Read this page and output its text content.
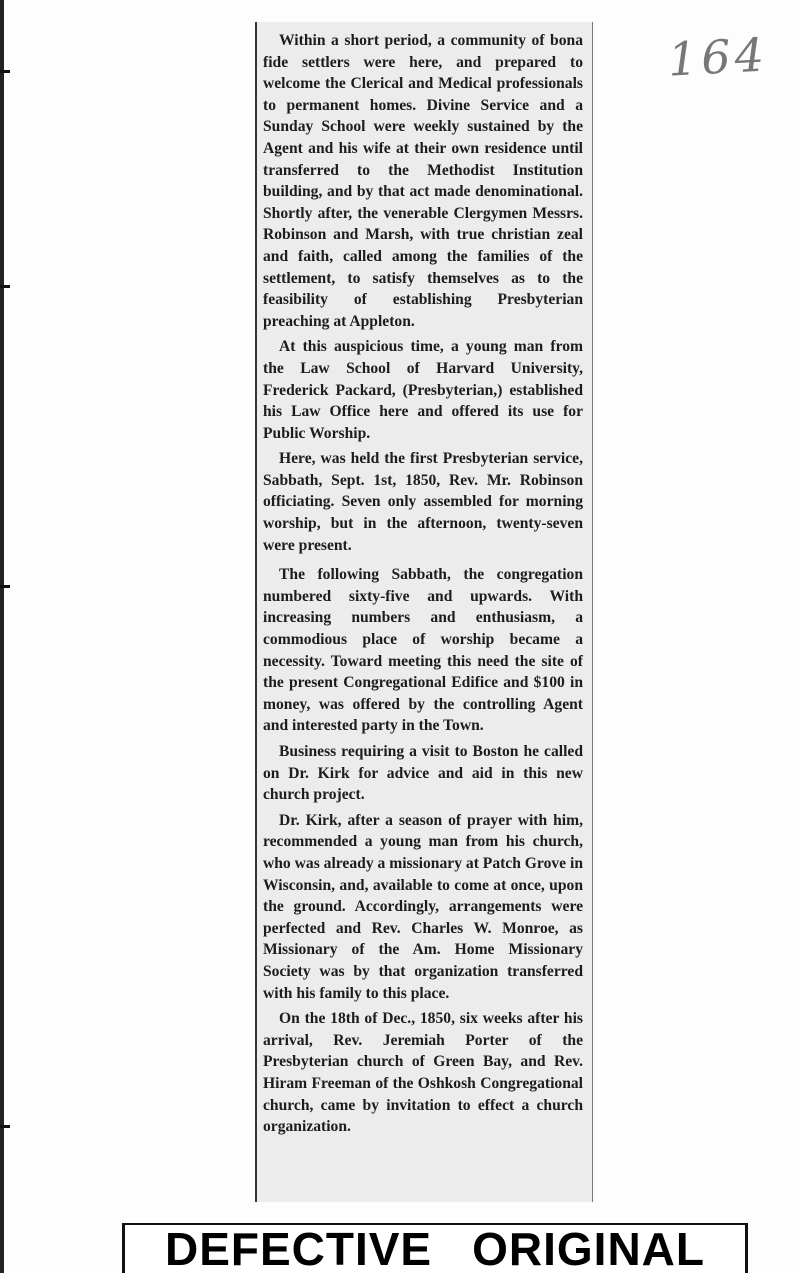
164

Within a short period, a community of bona fide settlers were here, and prepared to welcome the Clerical and Medical professionals to permanent homes. Divine Service and a Sunday School were weekly sustained by the Agent and his wife at their own residence until transferred to the Methodist Institution building, and by that act made denominational. Shortly after, the venerable Clergymen Messrs. Robinson and Marsh, with true christian zeal and faith, called among the families of the settlement, to satisfy themselves as to the feasibility of establishing Presbyterian preaching at Appleton.

At this auspicious time, a young man from the Law School of Harvard University, Frederick Packard, (Presbyterian,) established his Law Office here and offered its use for Public Worship.

Here, was held the first Presbyterian service, Sabbath, Sept. 1st, 1850, Rev. Mr. Robinson officiating. Seven only assembled for morning worship, but in the afternoon, twenty-seven were present.

The following Sabbath, the congregation numbered sixty-five and upwards. With increasing numbers and enthusiasm, a commodious place of worship became a necessity. Toward meeting this need the site of the present Congregational Edifice and $100 in money, was offered by the controlling Agent and interested party in the Town.

Business requiring a visit to Boston he called on Dr. Kirk for advice and aid in this new church project.

Dr. Kirk, after a season of prayer with him, recommended a young man from his church, who was already a missionary at Patch Grove in Wisconsin, and, available to come at once, upon the ground. Accordingly, arrangements were perfected and Rev. Charles W. Monroe, as Missionary of the Am. Home Missionary Society was by that organization transferred with his family to this place.

On the 18th of Dec., 1850, six weeks after his arrival, Rev. Jeremiah Porter of the Presbyterian church of Green Bay, and Rev. Hiram Freeman of the Oshkosh Congregational church, came by invitation to effect a church organization.

DEFECTIVE ORIGINAL
